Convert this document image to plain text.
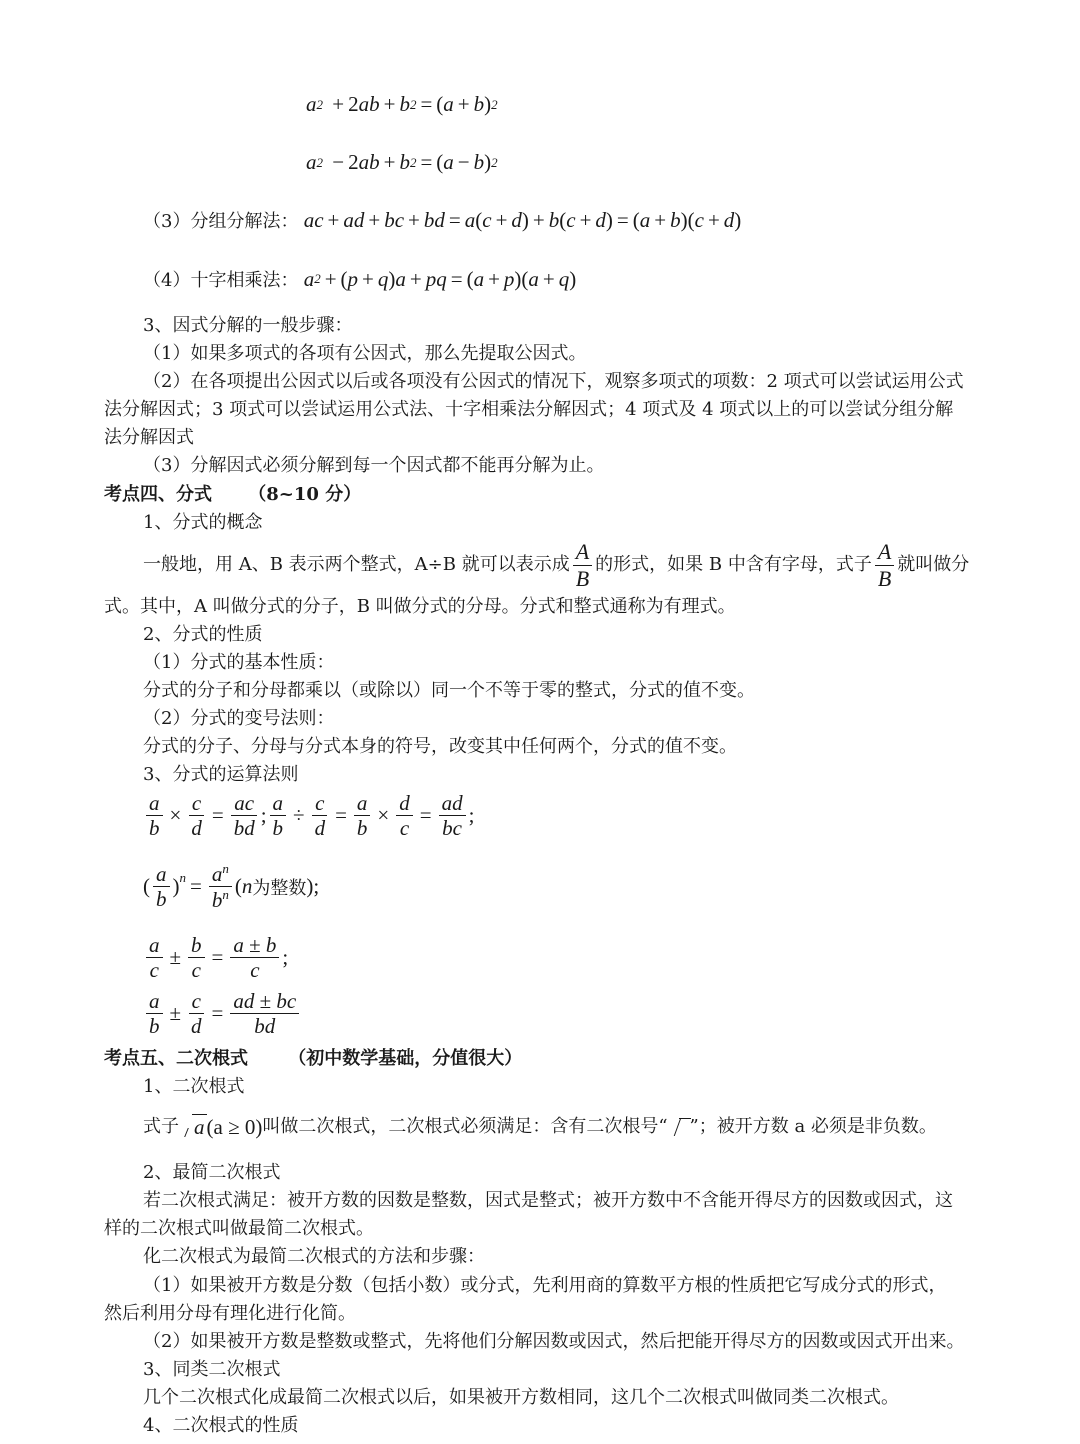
a 2
+ 2 ab + b 2 = ( a + b ) 2
a 2
− 2 ab + b 2 = ( a − b ) 2
（3）分组分解法： ac + ad + bc + bd = a ( c + d ) + b ( c + d ) = ( a + b )( c + d )
（4）十字相乘法： a 2 + ( p + q ) a + pq = ( a + p )( a + q )
3、因式分解的一般步骤：
（1）如果多项式的各项有公因式，那么先提取公因式。
（2）在各项提出公因式以后或各项没有公因式的情况下，观察多项式的项数：2 项式可以尝试运用公式
法分解因式；3 项式可以尝试运用公式法、十字相乘法分解因式；4 项式及 4 项式以上的可以尝试分组分解
法分解因式
（3）分解因式必须分解到每一个因式都不能再分解为止。
考点四、分式 （8~10 分）
1、分式的概念
一般地，用 A、B 表示两个整式，A÷B 就可以表示成 $\frac{A}{B}$ 的形式，如果 B 中含有字母，式子 $\frac{A}{B}$ 就叫做分
式。其中，A 叫做分式的分子，B 叫做分式的分母。分式和整式通称为有理式。
2、分式的性质
（1）分式的基本性质：
分式的分子和分母都乘以（或除以）同一个不等于零的整式，分式的值不变。
（2）分式的变号法则：
分式的分子、分母与分式本身的符号，改变其中任何两个，分式的值不变。
3、分式的运算法则
$\frac{a}{b} \times \frac{c}{d} = \frac{ac}{bd}$ ; $\frac{a}{b} \div \frac{c}{d} = \frac{a}{b} \times \frac{d}{c} = \frac{ad}{bc}$ ;
(
a
b
)$^n = \frac{a^n}{b^n}$ ( n 为整数 );
a
c
± $\frac{b}{c} = \frac{a \pm b}{c}$ ;
a
b
± $\frac{c}{d} = \frac{ad \pm bc}{bd}$
考点五、二次根式 （初中数学基础，分值很大）
1、二次根式
式子 a (a ≥ 0) 叫做二次根式，二次根式必须满足：含有二次根号“ ”；被开方数 a 必须是非负数。
2、最简二次根式
若二次根式满足：被开方数的因数是整数，因式是整式；被开方数中不含能开得尽方的因数或因式，这
样的二次根式叫做最简二次根式。
化二次根式为最简二次根式的方法和步骤：
（1）如果被开方数是分数（包括小数）或分式，先利用商的算数平方根的性质把它写成分式的形式，
然后利用分母有理化进行化简。
（2）如果被开方数是整数或整式，先将他们分解因数或因式，然后把能开得尽方的因数或因式开出来。
3、同类二次根式
几个二次根式化成最简二次根式以后，如果被开方数相同，这几个二次根式叫做同类二次根式。
4、二次根式的性质
